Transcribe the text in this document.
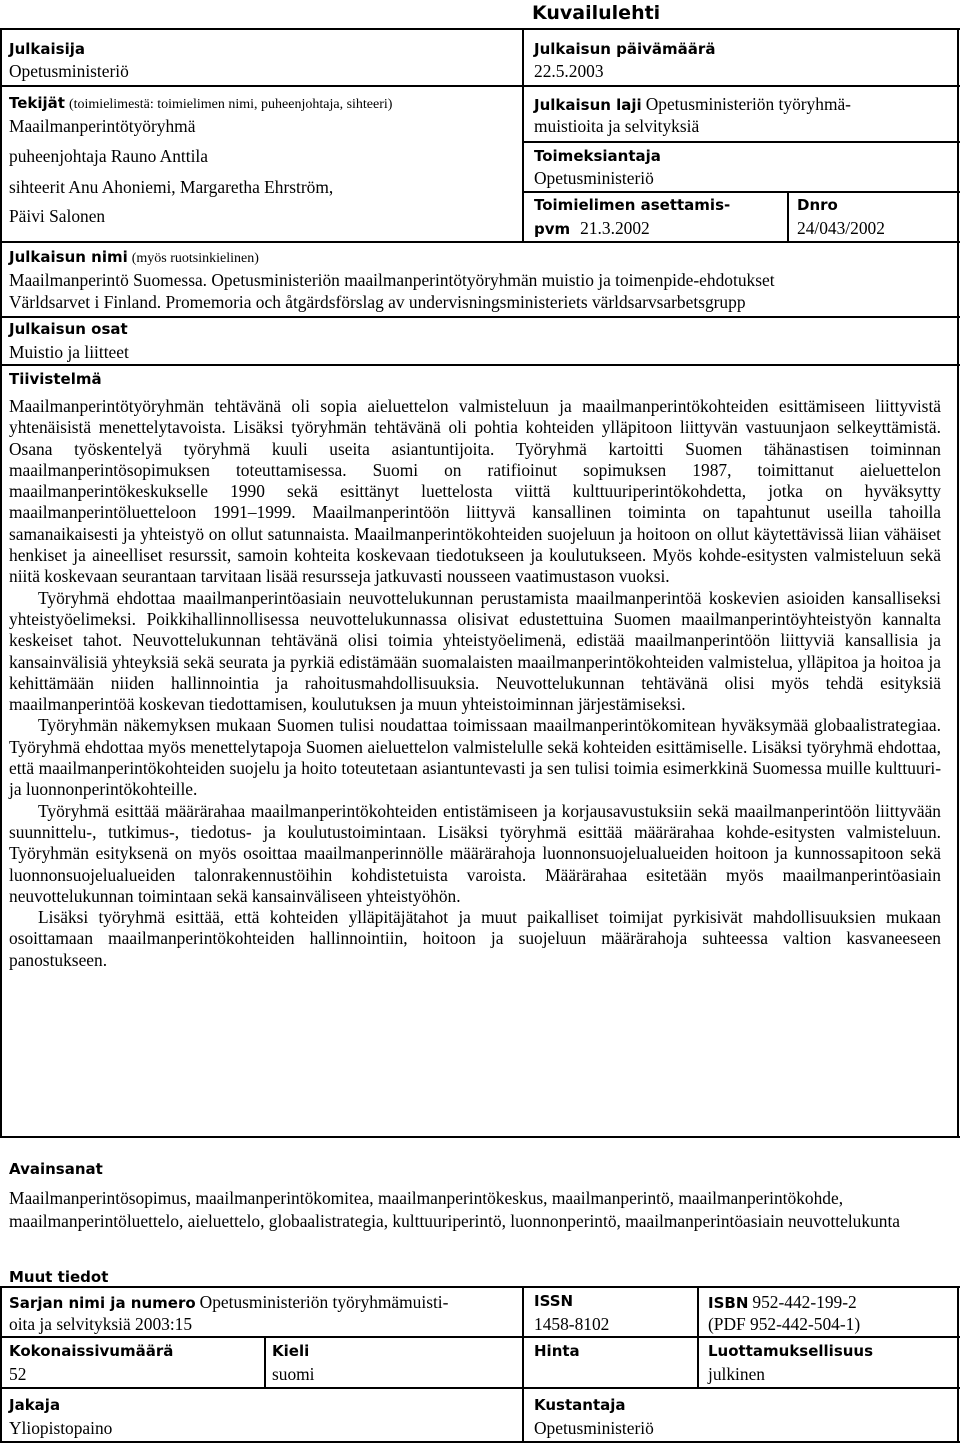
Kuvailulehti
Julkaisija
Opetusministeriö
Julkaisun päivämäärä
22.5.2003
Tekijät (toimielimestä: toimielimen nimi, puheenjohtaja, sihteeri)
Maailmanperintötyöryhmä
puheenjohtaja Rauno Anttila
sihteerit Anu Ahoniemi, Margaretha Ehrström,
Päivi Salonen
Julkaisun laji Opetusministeriön työryhmä-
muistioita ja selvityksiä
Toimeksiantaja
Opetusministeriö
Toimielimen asettamis-
pvm 21.3.2002
Dnro
24/043/2002
Julkaisun nimi (myös ruotsinkielinen)
Maailmanperintö Suomessa. Opetusministeriön maailmanperintötyöryhmän muistio ja toimenpide-ehdotukset
Världsarvet i Finland. Promemoria och åtgärdsförslag av undervisningsministeriets världsarvsarbetsgrupp
Julkaisun osat
Muistio ja liitteet
Tiivistelmä

Maailmanperintötyöryhmän tehtävänä oli sopia aieluettelon valmisteluun ja maailmanperintökohteiden esittämiseen liittyvistä yhtenäisistä menettelytavoista. Lisäksi työryhmän tehtävänä oli pohtia kohteiden ylläpitoon liittyvän vastuunjaon selkeyttämistä. Osana työskentelyä työryhmä kuuli useita asiantuntijoita. Työryhmä kartoitti Suomen tähänastisen toiminnan maailmanperintösopimuksen toteuttamisessa. Suomi on ratifioinut sopimuksen 1987, toimittanut aieluettelon maailmanperintökeskukselle 1990 sekä esittänyt luettelosta viittä kulttuuriperintökohdetta, jotka on hyväksytty maailmanperintöluetteloon 1991–1999. Maailmanperintöön liittyvä kansallinen toiminta on tapahtunut useilla tahoilla samanaikaisesti ja yhteistyö on ollut satunnaista. Maailmanperintökohteiden suojeluun ja hoitoon on ollut käytettävissä liian vähäiset henkiset ja aineelliset resurssit, samoin kohteita koskevaan tiedotukseen ja koulutukseen. Myös kohde-esitysten valmisteluun sekä niitä koskevaan seurantaan tarvitaan lisää resursseja jatkuvasti nousseen vaatimustason vuoksi.

Työryhmä ehdottaa maailmanperintöasiain neuvottelukunnan perustamista maailmanperintöä koskevien asioiden kansalliseksi yhteistyöelimeksi. Poikkihallinnollisessa neuvottelukunnassa olisivat edustettuina Suomen maailmanperintöyhteistyön kannalta keskeiset tahot. Neuvottelukunnan tehtävänä olisi toimia yhteistyöelimenä, edistää maailmanperintöön liittyviä kansallisia ja kansainvälisiä yhteyksiä sekä seurata ja pyrkiä edistämään suomalaisten maailmanperintökohteiden valmistelua, ylläpitoa ja hoitoa ja kehittämään niiden hallinnointia ja rahoitusmahdollisuuksia. Neuvottelukunnan tehtävänä olisi myös tehdä esityksiä maailmanperintöä koskevan tiedottamisen, koulutuksen ja muun yhteistoiminnan järjestämiseksi.

Työryhmän näkemyksen mukaan Suomen tulisi noudattaa toimissaan maailmanperintökomitean hyväksymää globaalistrategiaa. Työryhmä ehdottaa myös menettelytapoja Suomen aieluettelon valmistelulle sekä kohteiden esittämiselle. Lisäksi työryhmä ehdottaa, että maailmanperintökohteiden suojelu ja hoito toteutetaan asiantuntevasti ja sen tulisi toimia esimerkkinä Suomessa muille kulttuuri- ja luonnonperintökohteille.

Työryhmä esittää määrärahaa maailmanperintökohteiden entistämiseen ja korjausavustuksiin sekä maailmanperintöön liittyvään suunnittelu-, tutkimus-, tiedotus- ja koulutustoimintaan. Lisäksi työryhmä esittää määrärahaa kohde-esitysten valmisteluun. Työryhmän esityksenä on myös osoittaa maailmanperinnölle määrärahoja luonnonsuojelualueiden hoitoon ja kunnossapitoon sekä luonnonsuojelualueiden talonrakennustöihin kohdistetuista varoista. Määrärahaa esitetään myös maailmanperintöasiain neuvottelukunnan toimintaan sekä kansainväliseen yhteistyöhön.

Lisäksi työryhmä esittää, että kohteiden ylläpitäjätahot ja muut paikalliset toimijat pyrkisivät mahdollisuuksien mukaan osoittamaan maailmanperintökohteiden hallinnointiin, hoitoon ja suojeluun määrärahoja suhteessa valtion kasvaneeseen panostukseen.

Avainsanat
Maailmanperintösopimus, maailmanperintökomitea, maailmanperintökeskus, maailmanperintö, maailmanperintökohde, maailmanperintöluettelo, aieluettelo, globaalistrategia, kulttuuriperintö, luonnonperintö, maailmanperintöasiain neuvottelukunta
Muut tiedot
Sarjan nimi ja numero Opetusministeriön työryhmämuisti-
oita ja selvityksiä 2003:15
ISSN
1458-8102
ISBN 952-442-199-2
(PDF 952-442-504-1)
Kokonaissivumäärä
52
Kieli
suomi
Hinta	Luottamuksellisuus
julkinen
Jakaja
Yliopistopaino
Kustantaja
Opetusministeriö
